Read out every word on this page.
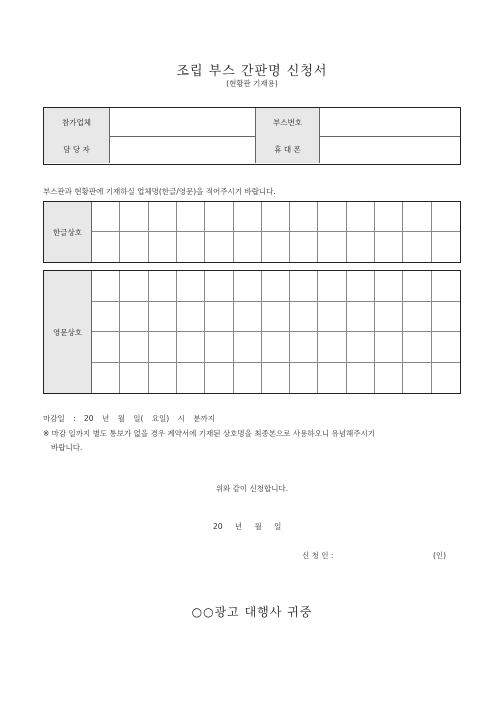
조립 부스 간판명 신청서
(현황판 기재용)
참가업체	부스번호
담 당 자	휴 대 폰
부스판과 현황판에 기재하실 업체명(한글/영문)을 적어주시기 바랍니다.
한글상호
영문상호
마감일 : 20 년 월 일( 요일) 시 분까지
※ 마감 일까지 별도 통보가 없을 경우 계약서에 기재된 상호명을 최종본으로 사용하오니 유념해주시기
바랍니다.
위와 같이 신청합니다.
20 년 월 일
신 청 인 :	(인)
○○광고 대행사 귀중
